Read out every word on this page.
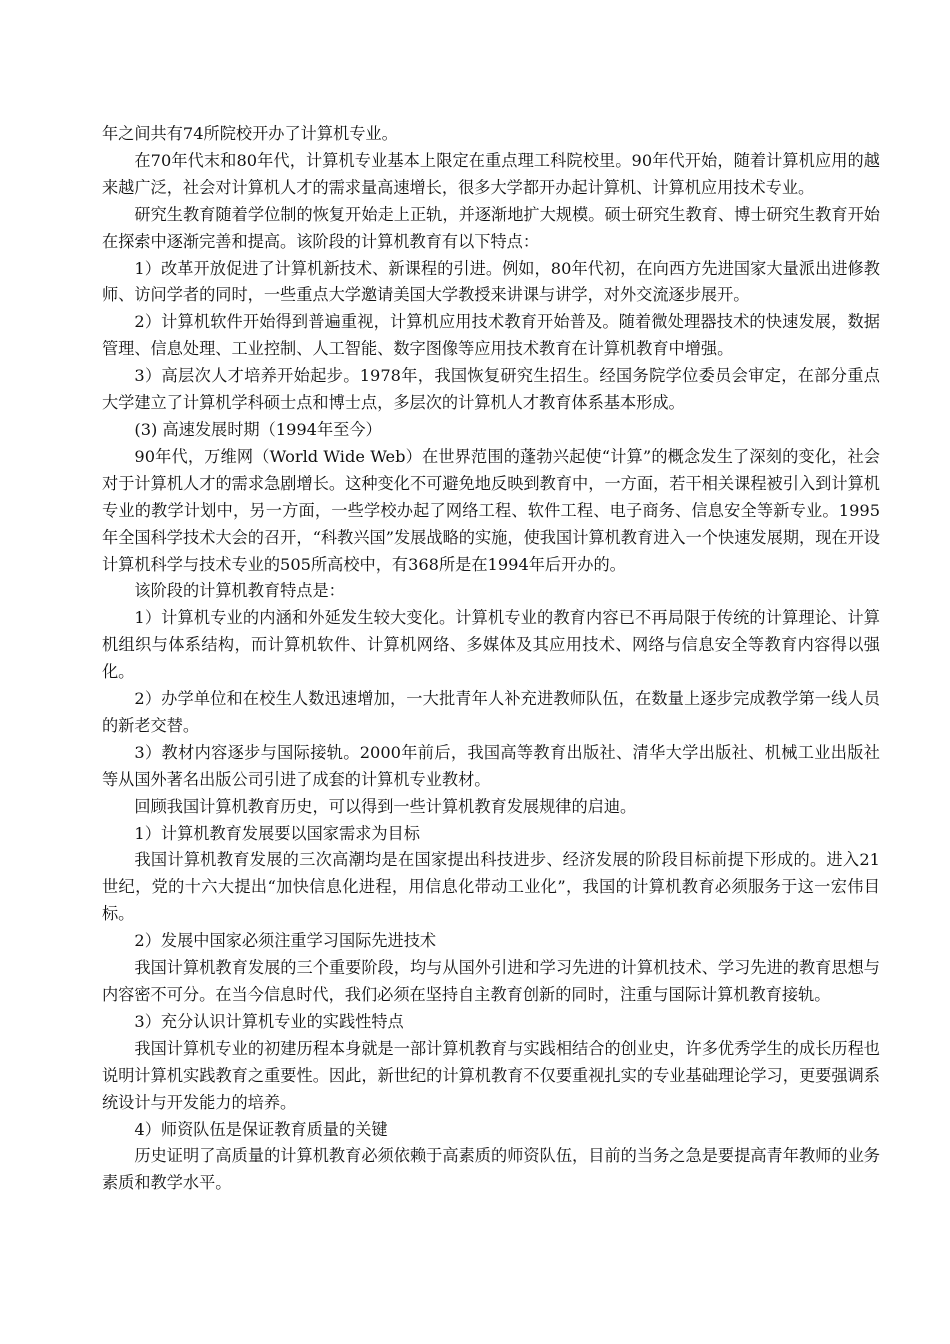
年之间共有74所院校开办了计算机专业。

在70年代末和80年代，计算机专业基本上限定在重点理工科院校里。90年代开始，随着计算机应用的越来越广泛，社会对计算机人才的需求量高速增长，很多大学都开办起计算机、计算机应用技术专业。

研究生教育随着学位制的恢复开始走上正轨，并逐渐地扩大规模。硕士研究生教育、博士研究生教育开始在探索中逐渐完善和提高。该阶段的计算机教育有以下特点：

1）改革开放促进了计算机新技术、新课程的引进。例如，80年代初，在向西方先进国家大量派出进修教师、访问学者的同时，一些重点大学邀请美国大学教授来讲课与讲学，对外交流逐步展开。

2）计算机软件开始得到普遍重视，计算机应用技术教育开始普及。随着微处理器技术的快速发展，数据管理、信息处理、工业控制、人工智能、数字图像等应用技术教育在计算机教育中增强。

3）高层次人才培养开始起步。1978年，我国恢复研究生招生。经国务院学位委员会审定，在部分重点大学建立了计算机学科硕士点和博士点，多层次的计算机人才教育体系基本形成。

(3) 高速发展时期（1994年至今）

90年代，万维网（World Wide Web）在世界范围的蓬勃兴起使“计算”的概念发生了深刻的变化，社会对于计算机人才的需求急剧增长。这种变化不可避免地反映到教育中，一方面，若干相关课程被引入到计算机专业的教学计划中，另一方面，一些学校办起了网络工程、软件工程、电子商务、信息安全等新专业。1995年全国科学技术大会的召开，“科教兴国”发展战略的实施，使我国计算机教育进入一个快速发展期，现在开设计算机科学与技术专业的505所高校中，有368所是在1994年后开办的。

该阶段的计算机教育特点是：

1）计算机专业的内涵和外延发生较大变化。计算机专业的教育内容已不再局限于传统的计算理论、计算机组织与体系结构，而计算机软件、计算机网络、多媒体及其应用技术、网络与信息安全等教育内容得以强化。

2）办学单位和在校生人数迅速增加，一大批青年人补充进教师队伍，在数量上逐步完成教学第一线人员的新老交替。

3）教材内容逐步与国际接轨。2000年前后，我国高等教育出版社、清华大学出版社、机械工业出版社等从国外著名出版公司引进了成套的计算机专业教材。

回顾我国计算机教育历史，可以得到一些计算机教育发展规律的启迪。

1）计算机教育发展要以国家需求为目标

我国计算机教育发展的三次高潮均是在国家提出科技进步、经济发展的阶段目标前提下形成的。进入21世纪，党的十六大提出“加快信息化进程，用信息化带动工业化”，我国的计算机教育必须服务于这一宏伟目标。

2）发展中国家必须注重学习国际先进技术

我国计算机教育发展的三个重要阶段，均与从国外引进和学习先进的计算机技术、学习先进的教育思想与内容密不可分。在当今信息时代，我们必须在坚持自主教育创新的同时，注重与国际计算机教育接轨。

3）充分认识计算机专业的实践性特点

我国计算机专业的初建历程本身就是一部计算机教育与实践相结合的创业史，许多优秀学生的成长历程也说明计算机实践教育之重要性。因此，新世纪的计算机教育不仅要重视扎实的专业基础理论学习，更要强调系统设计与开发能力的培养。

4）师资队伍是保证教育质量的关键

历史证明了高质量的计算机教育必须依赖于高素质的师资队伍，目前的当务之急是要提高青年教师的业务素质和教学水平。
